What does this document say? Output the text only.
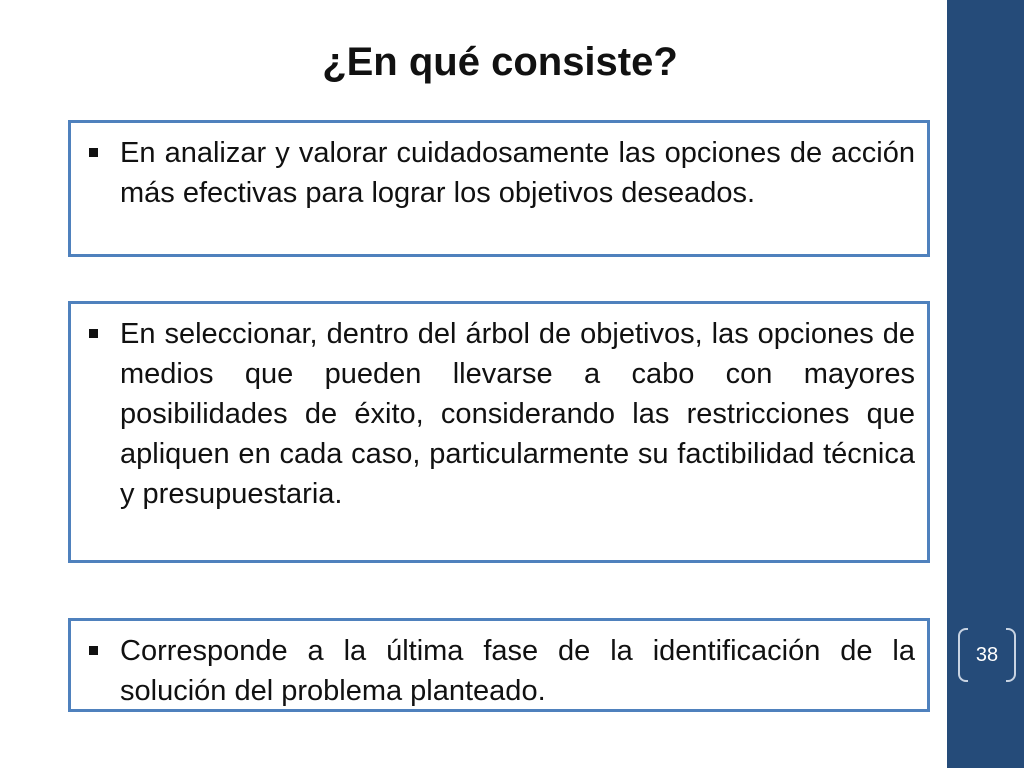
¿En qué consiste?

En analizar y valorar cuidadosamente las opciones de acción más efectivas para lograr los objetivos deseados.

En seleccionar, dentro del árbol de objetivos, las opciones de medios que pueden llevarse a cabo con mayores posibilidades de éxito, considerando las restricciones que apliquen en cada caso, particularmente su factibilidad técnica y presupuestaria.

Corresponde a la última fase de la identificación de la solución del problema planteado.

38
